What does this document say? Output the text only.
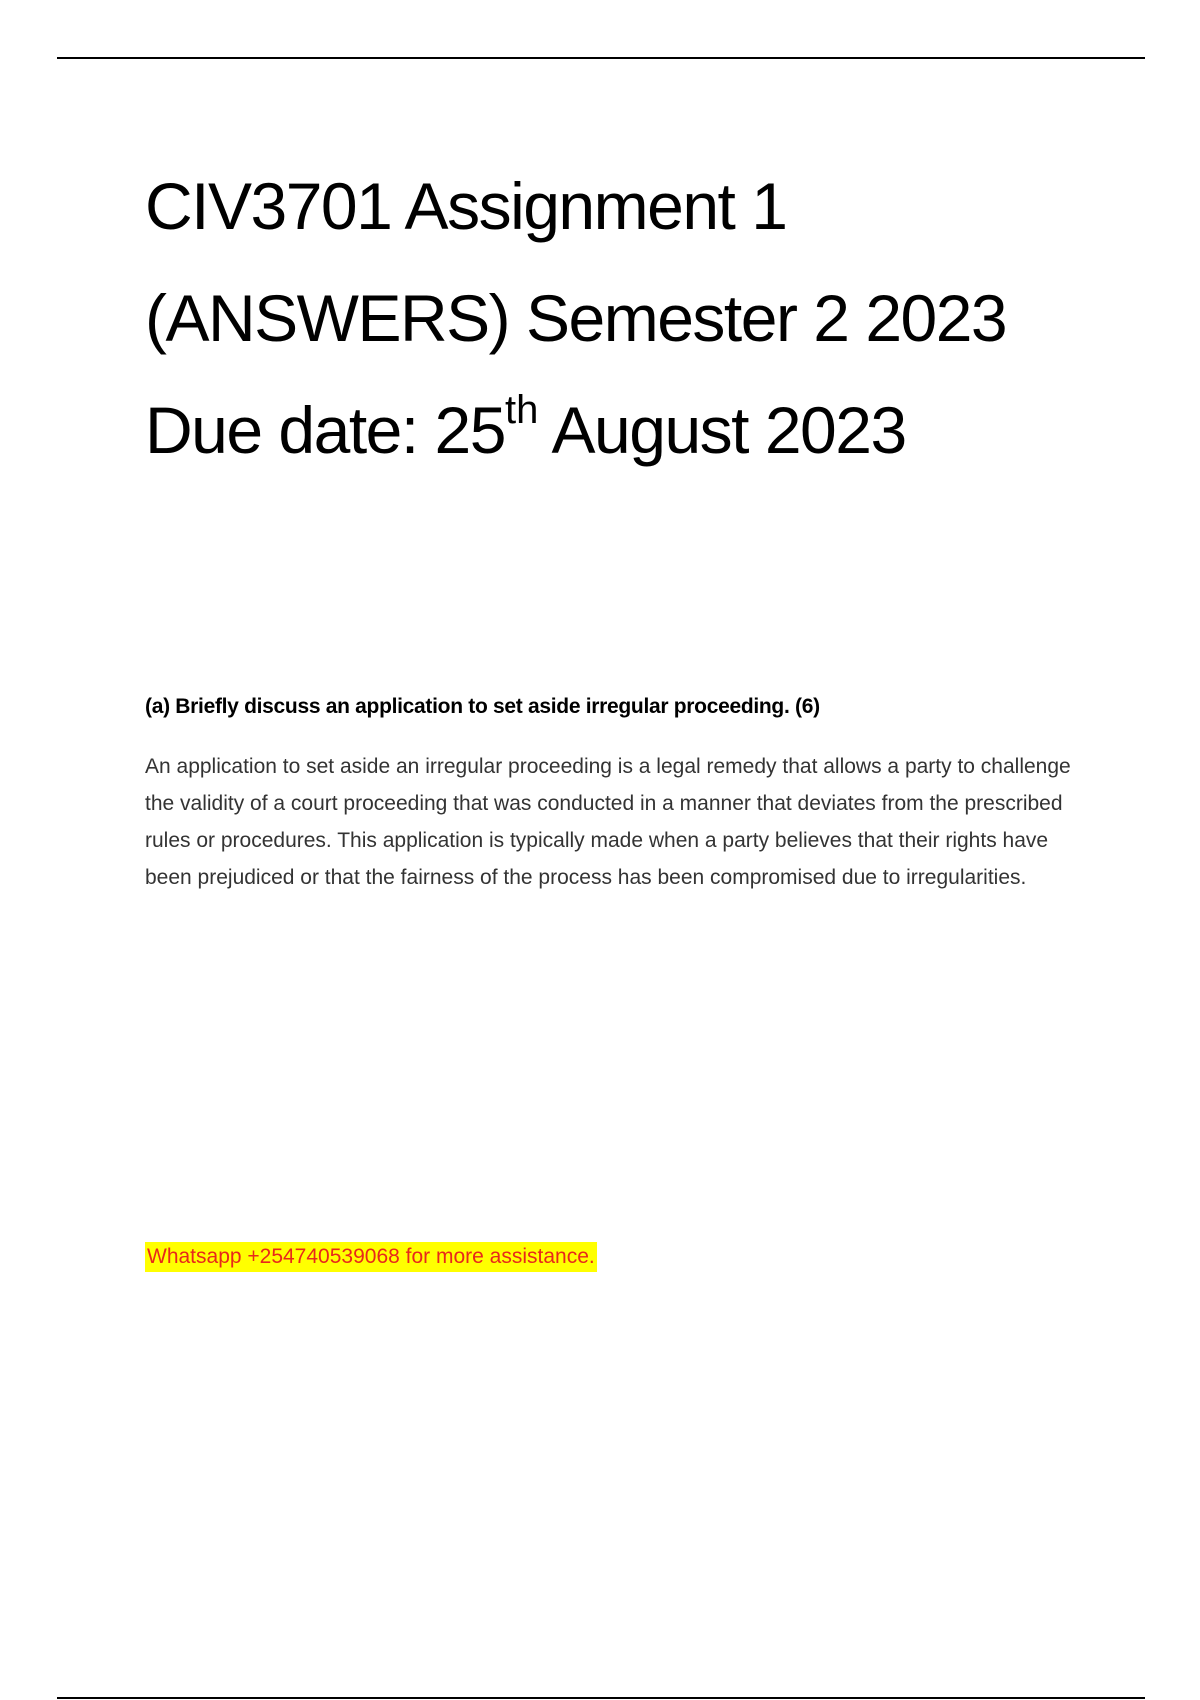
CIV3701 Assignment 1
(ANSWERS) Semester 2 2023
Due date: 25th August 2023
(a) Briefly discuss an application to set aside irregular proceeding. (6)

An application to set aside an irregular proceeding is a legal remedy that allows a party to challenge the validity of a court proceeding that was conducted in a manner that deviates from the prescribed rules or procedures. This application is typically made when a party believes that their rights have been prejudiced or that the fairness of the process has been compromised due to irregularities.

Whatsapp +254740539068 for more assistance.
